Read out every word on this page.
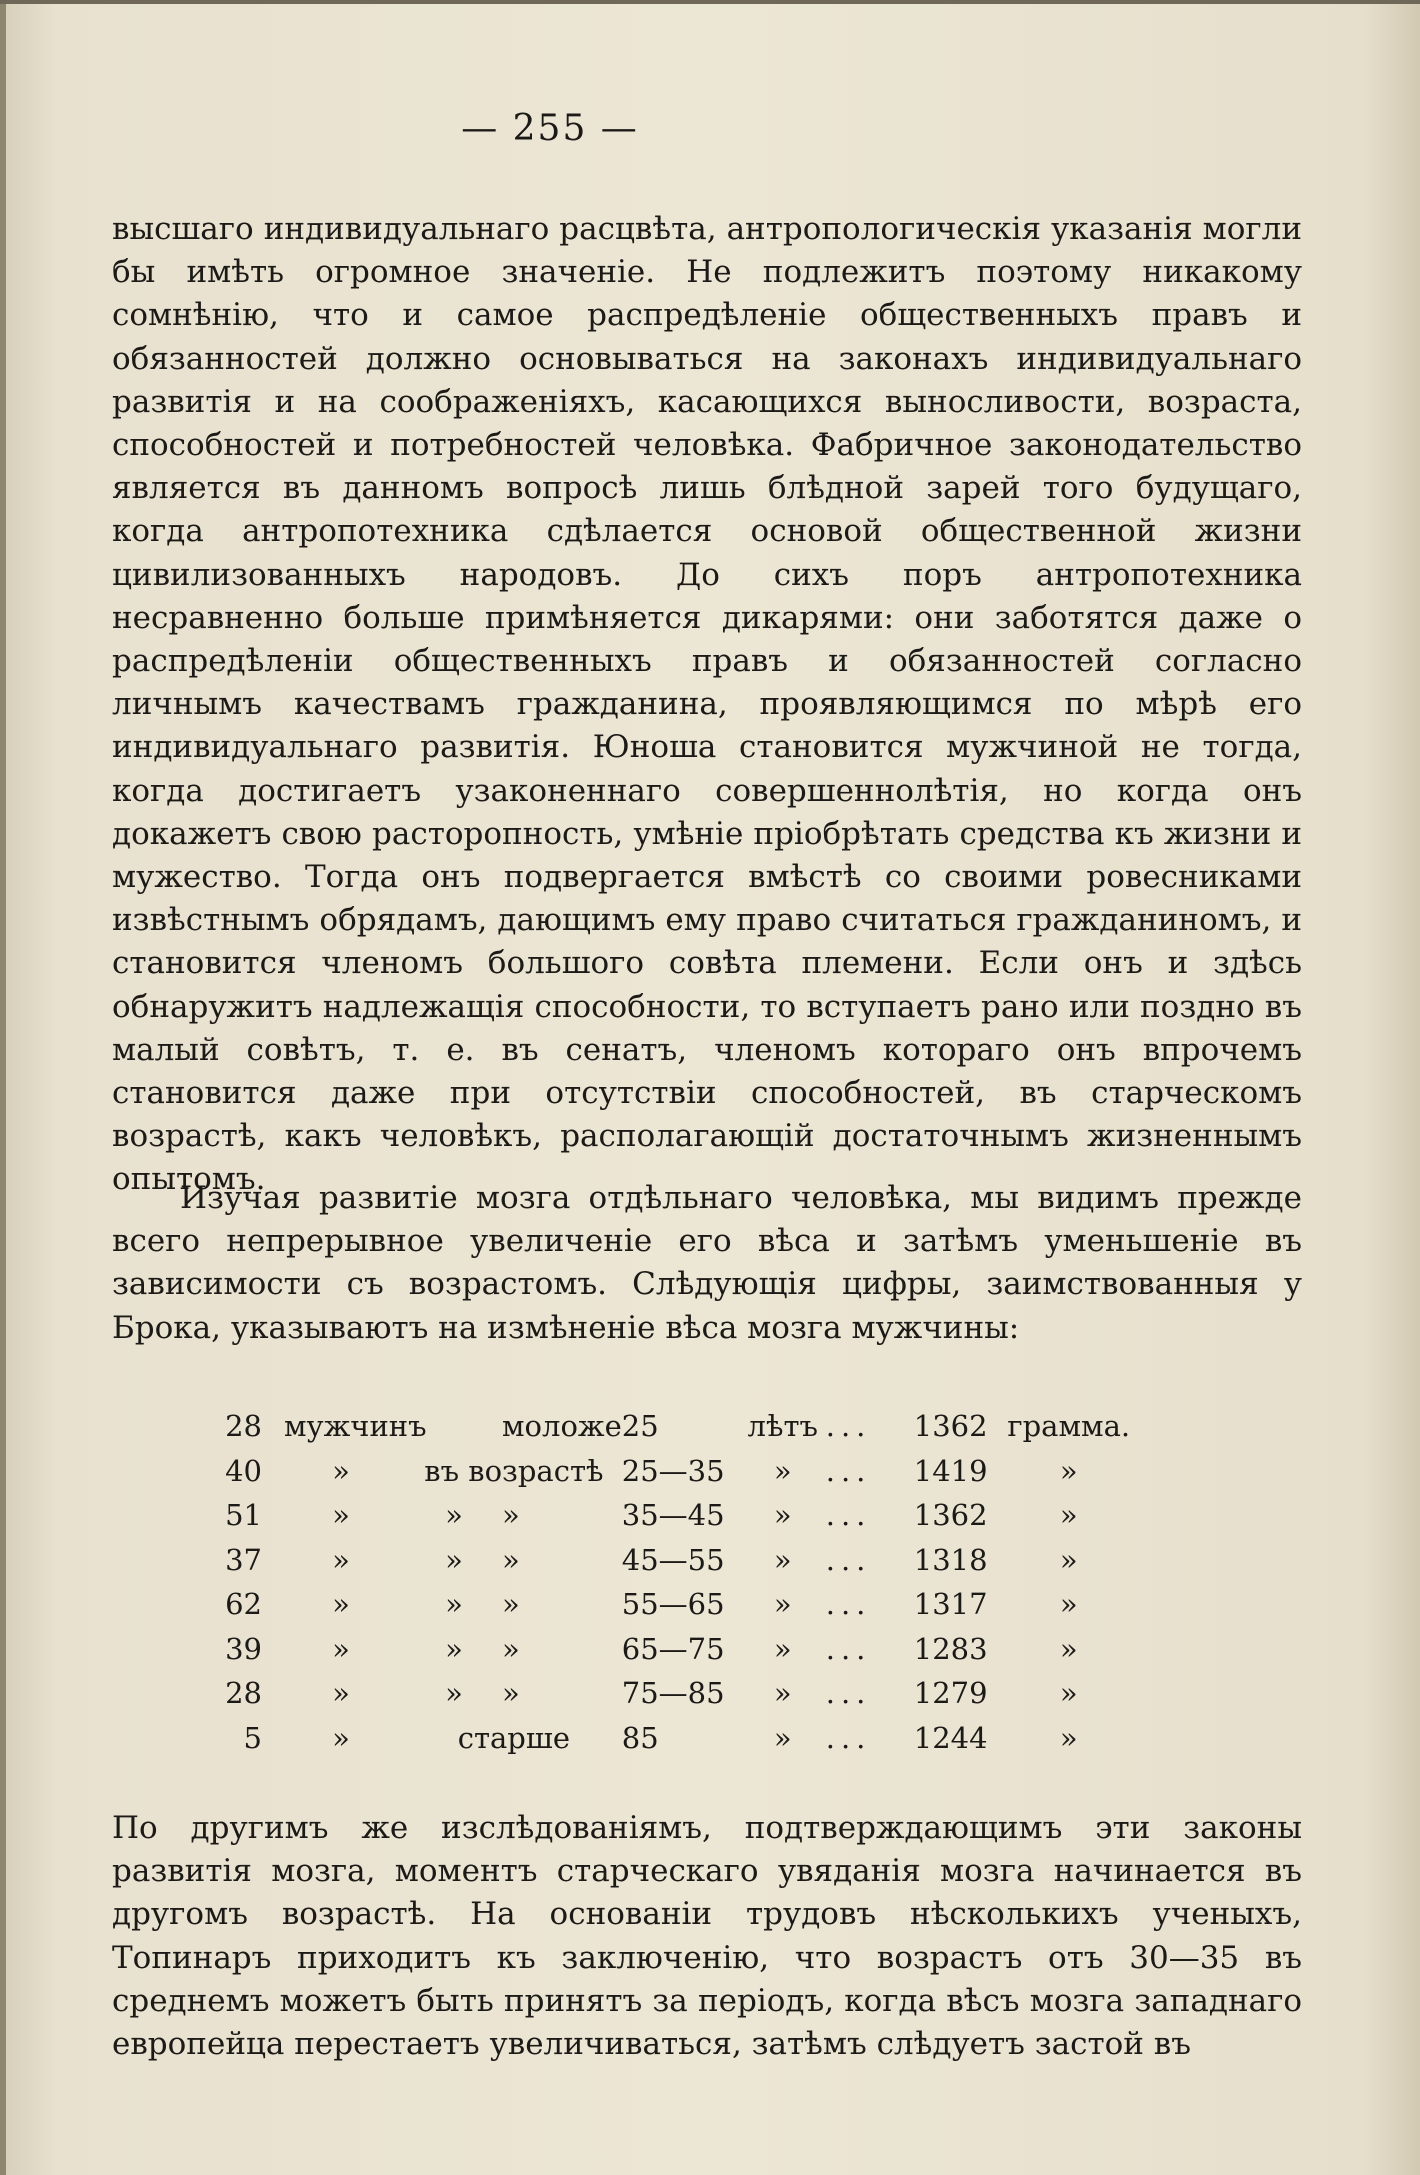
— 255 —

высшаго индивидуальнаго расцвѣта, антропологическія указанія могли бы имѣть огромное значеніе. Не подлежитъ поэтому никакому сомнѣнію, что и самое распредѣленіе общественныхъ правъ и обязанностей должно основываться на законахъ индивидуальнаго развитія и на соображеніяхъ, касающихся выносливости, возраста, способностей и потребностей человѣка. Фабричное законодательство является въ данномъ вопросѣ лишь блѣдной зарей того будущаго, когда антропотехника сдѣлается основой общественной жизни цивилизованныхъ народовъ. До сихъ поръ антропотехника несравненно больше примѣняется дикарями: они заботятся даже о распредѣленіи общественныхъ правъ и обязанностей согласно личнымъ качествамъ гражданина, проявляющимся по мѣрѣ его индивидуальнаго развитія. Юноша становится мужчиной не тогда, когда достигаетъ узаконеннаго совершеннолѣтія, но когда онъ докажетъ свою расторопность, умѣніе пріобрѣтать средства къ жизни и мужество. Тогда онъ подвергается вмѣстѣ со своими ровесниками извѣстнымъ обрядамъ, дающимъ ему право считаться гражданиномъ, и становится членомъ большого совѣта племени. Если онъ и здѣсь обнаружитъ надлежащія способности, то вступаетъ рано или поздно въ малый совѣтъ, т. е. въ сенатъ, членомъ котораго онъ впрочемъ становится даже при отсутствіи способностей, въ старческомъ возрастѣ, какъ человѣкъ, располагающій достаточнымъ жизненнымъ опытомъ.

Изучая развитіе мозга отдѣльнаго человѣка, мы видимъ прежде всего непрерывное увеличеніе его вѣса и затѣмъ уменьшеніе въ зависимости съ возрастомъ. Слѣдующія цифры, заимствованныя у Брока, указываютъ на измѣненіе вѣса мозга мужчины:

28	мужчинъ		моложе	25	лѣтъ	...	1362	грамма.
40	»	въ возрастѣ		25—35	»	...	1419	»
51	»	»	»	35—45	»	...	1362	»
37	»	»	»	45—55	»	...	1318	»
62	»	»	»	55—65	»	...	1317	»
39	»	»	»	65—75	»	...	1283	»
28	»	»	»	75—85	»	...	1279	»
5	»	старше		85	»	...	1244	»

По другимъ же изслѣдованіямъ, подтверждающимъ эти законы развитія мозга, моментъ старческаго увяданія мозга начинается въ другомъ возрастѣ. На основаніи трудовъ нѣсколькихъ ученыхъ, Топинаръ приходитъ къ заключенію, что возрастъ отъ 30—35 въ среднемъ можетъ быть принятъ за періодъ, когда вѣсъ мозга западнаго европейца перестаетъ увеличиваться, затѣмъ слѣдуетъ застой въ
